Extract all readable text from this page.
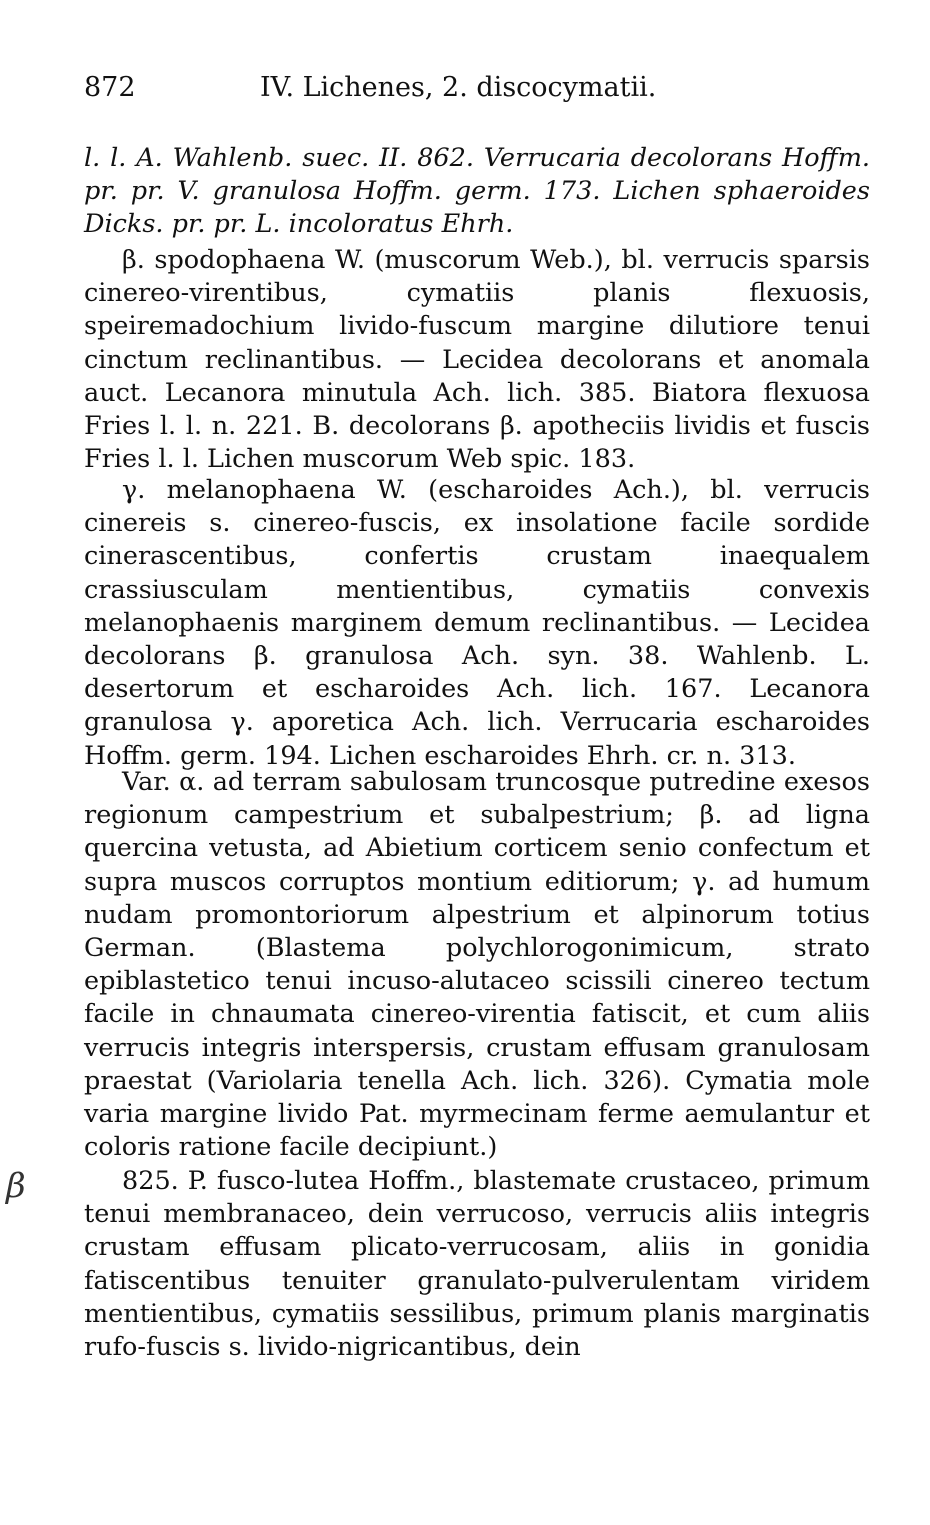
872	IV. Lichenes, 2. discocymatii.

l. l. A. Wahlenb. suec. II. 862. Verrucaria decolorans Hoffm. pr. pr. V. granulosa Hoffm. germ. 173. Lichen sphaeroides Dicks. pr. pr. L. incoloratus Ehrh.

β. spodophaena W. (muscorum Web.), bl. verrucis sparsis cinereo-virentibus, cymatiis planis flexuosis, speiremadochium livido-fuscum margine dilutiore tenui cinctum reclinantibus. — Lecidea decolorans et anomala auct. Lecanora minutula Ach. lich. 385. Biatora flexuosa Fries l. l. n. 221. B. decolorans β. apotheciis lividis et fuscis Fries l. l. Lichen muscorum Web spic. 183.

γ. melanophaena W. (escharoides Ach.), bl. verrucis cinereis s. cinereo-fuscis, ex insolatione facile sordide cinerascentibus, confertis crustam inaequalem crassiusculam mentientibus, cymatiis convexis melanophaenis marginem demum reclinantibus. — Lecidea decolorans β. granulosa Ach. syn. 38. Wahlenb. L. desertorum et escharoides Ach. lich. 167. Lecanora granulosa γ. aporetica Ach. lich. Verrucaria escharoides Hoffm. germ. 194. Lichen escharoides Ehrh. cr. n. 313.

Var. α. ad terram sabulosam truncosque putredine exesos regionum campestrium et subalpestrium; β. ad ligna quercina vetusta, ad Abietium corticem senio confectum et supra muscos corruptos montium editiorum; γ. ad humum nudam promontoriorum alpestrium et alpinorum totius German. (Blastema polychlorogonimicum, strato epiblastetico tenui incuso-alutaceo scissili cinereo tectum facile in chnaumata cinereo-virentia fatiscit, et cum aliis verrucis integris interspersis, crustam effusam granulosam praestat (Variolaria tenella Ach. lich. 326). Cymatia mole varia margine livido Pat. myrmecinam ferme aemulantur et coloris ratione facile decipiunt.)

β	825. P. fusco-lutea Hoffm., blastemate crustaceo, primum tenui membranaceo, dein verrucoso, verrucis aliis integris crustam effusam plicato-verrucosam, aliis in gonidia fatiscentibus tenuiter granulato-pulverulentam viridem mentientibus, cymatiis sessilibus, primum planis marginatis rufo-fuscis s. livido-nigricantibus, dein
